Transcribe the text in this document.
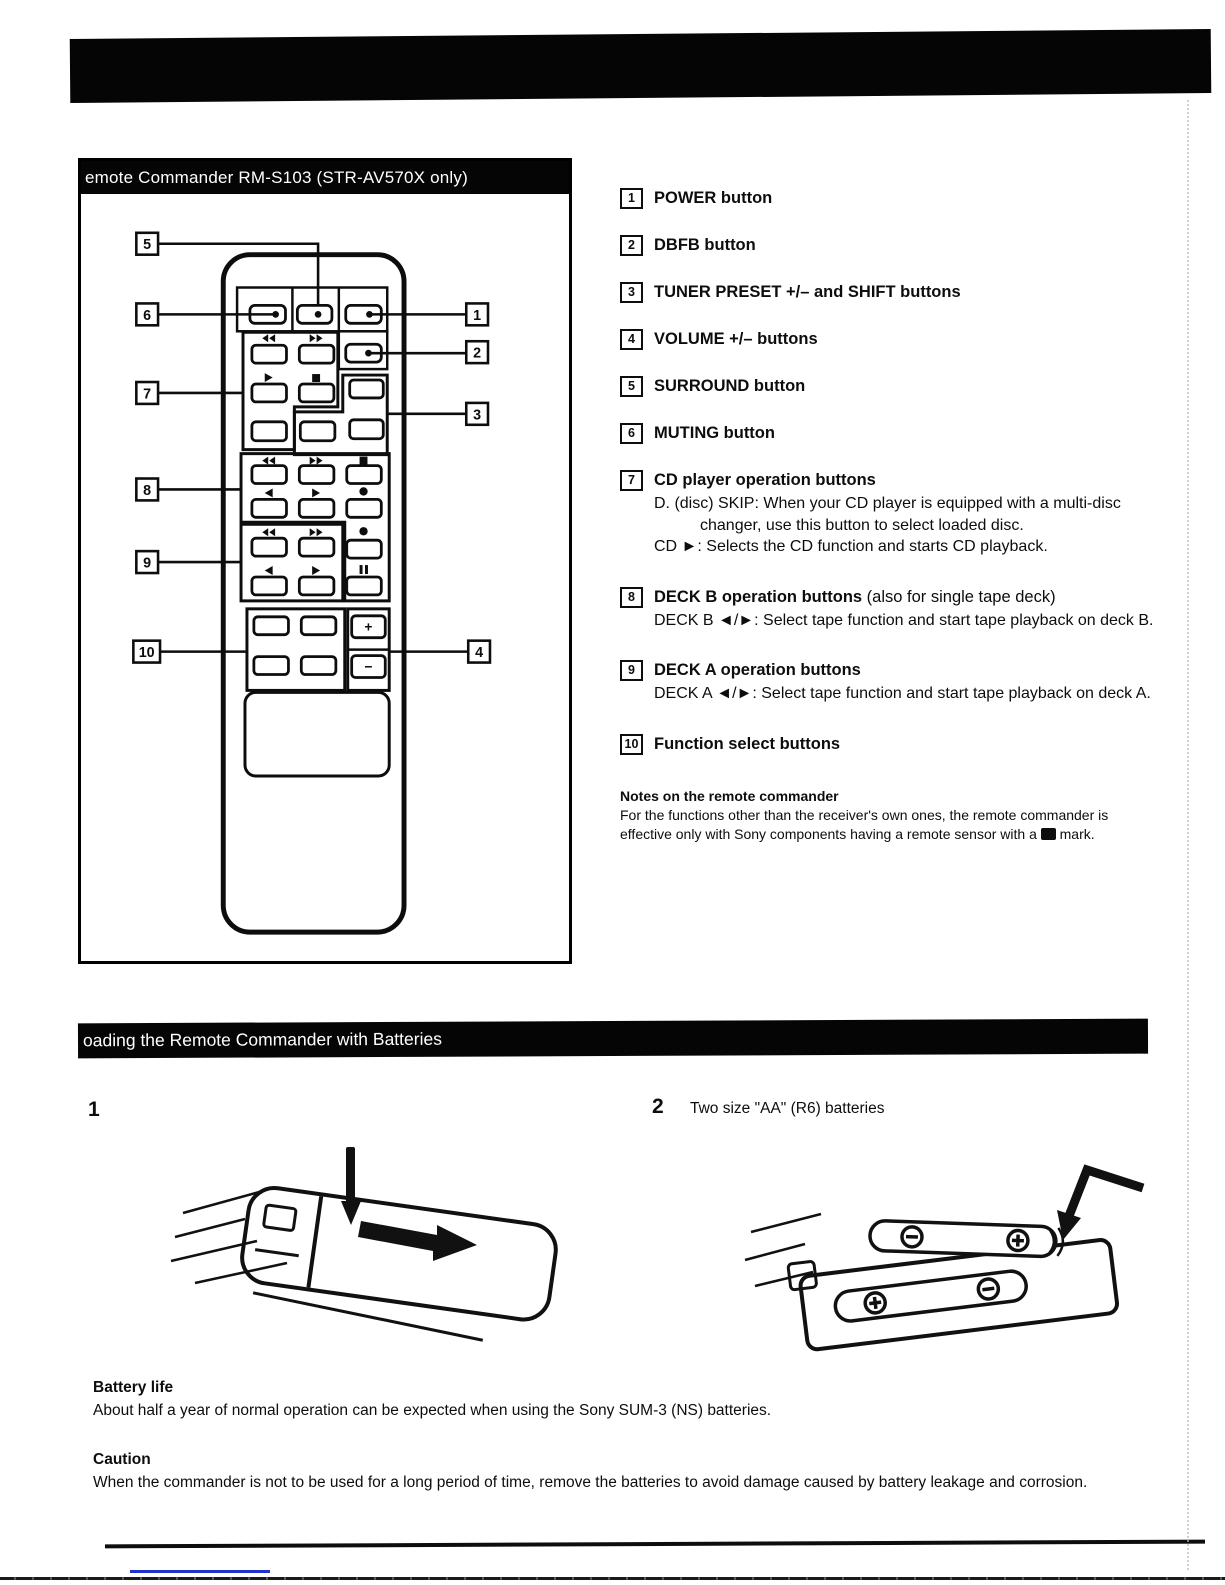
emote Commander RM-S103 (STR-AV570X only)
+
−
5
6
7
8
9
10
1
2
3
4
1 POWER button
2 DBFB button
3 TUNER PRESET +/– and SHIFT buttons
4 VOLUME +/– buttons
5 SURROUND button
6 MUTING button
7 CD player operation buttons

D. (disc) SKIP: When your CD player is equipped with a multi-disc changer, use this button to select loaded disc.

CD ►: Selects the CD function and starts CD playback.

8 DECK B operation buttons (also for single tape deck)

DECK B ◄/►: Select tape function and start tape playback on deck B.

9 DECK A operation buttons

DECK A ◄/►: Select tape function and start tape playback on deck A.

10 Function select buttons
Notes on the remote commander
For the functions other than the receiver's own ones, the remote commander is effective only with Sony components having a remote sensor with a  mark.
oading the Remote Commander with Batteries
1	2 Two size "AA" (R6) batteries
Battery life
About half a year of normal operation can be expected when using the Sony SUM-3 (NS) batteries.
Caution
When the commander is not to be used for a long period of time, remove the batteries to avoid damage caused by battery leakage and corrosion.
